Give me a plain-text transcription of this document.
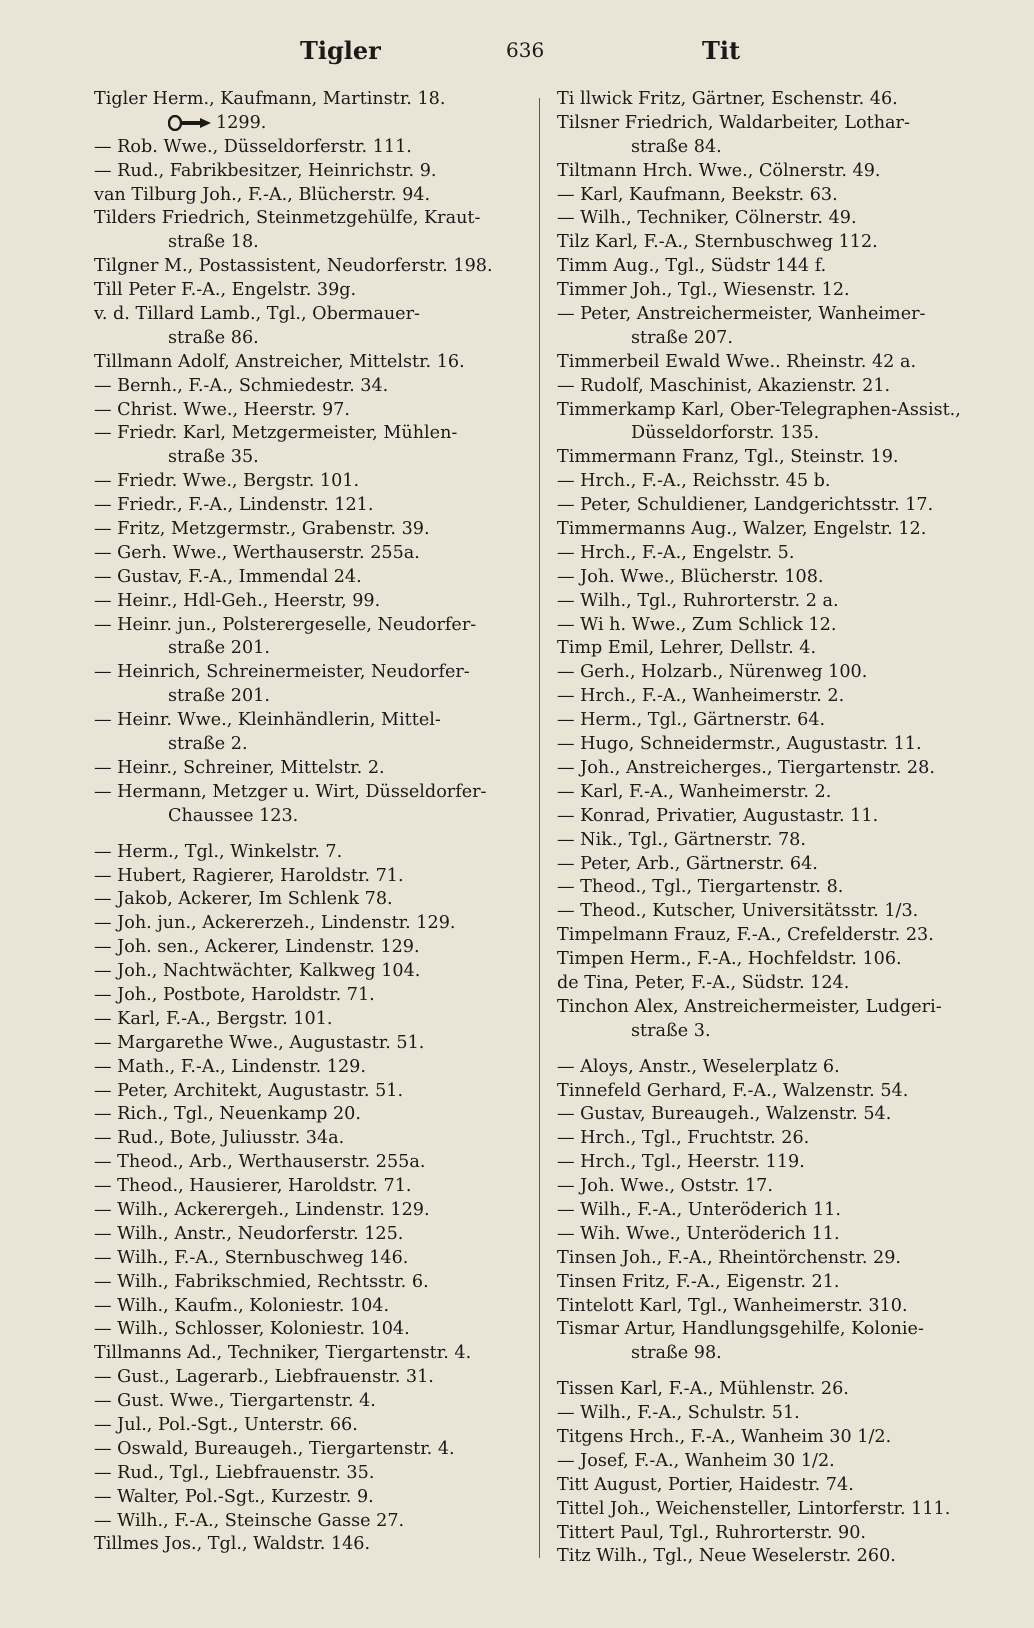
Tigler	636	Tit
Tigler Herm., Kaufmann, Martinstr. 18.
1299.
— Rob. Wwe., Düsseldorferstr. 111.
— Rud., Fabrikbesitzer, Heinrichstr. 9.
van Tilburg Joh., F.-A., Blücherstr. 94.
Tilders Friedrich, Steinmetzgehülfe, Kraut-
straße 18.
Tilgner M., Postassistent, Neudorferstr. 198.
Till Peter F.-A., Engelstr. 39g.
v. d. Tillard Lamb., Tgl., Obermauer-
straße 86.
Tillmann Adolf, Anstreicher, Mittelstr. 16.
— Bernh., F.-A., Schmiedestr. 34.
— Christ. Wwe., Heerstr. 97.
— Friedr. Karl, Metzgermeister, Mühlen-
straße 35.
— Friedr. Wwe., Bergstr. 101.
— Friedr., F.-A., Lindenstr. 121.
— Fritz, Metzgermstr., Grabenstr. 39.
— Gerh. Wwe., Werthauserstr. 255a.
— Gustav, F.-A., Immendal 24.
— Heinr., Hdl-Geh., Heerstr, 99.
— Heinr. jun., Polsterergeselle, Neudorfer-
straße 201.
— Heinrich, Schreinermeister, Neudorfer-
straße 201.
— Heinr. Wwe., Kleinhändlerin, Mittel-
straße 2.
— Heinr., Schreiner, Mittelstr. 2.
— Hermann, Metzger u. Wirt, Düsseldorfer-
Chaussee 123.
— Herm., Tgl., Winkelstr. 7.
— Hubert, Ragierer, Haroldstr. 71.
— Jakob, Ackerer, Im Schlenk 78.
— Joh. jun., Ackererzeh., Lindenstr. 129.
— Joh. sen., Ackerer, Lindenstr. 129.
— Joh., Nachtwächter, Kalkweg 104.
— Joh., Postbote, Haroldstr. 71.
— Karl, F.-A., Bergstr. 101.
— Margarethe Wwe., Augustastr. 51.
— Math., F.-A., Lindenstr. 129.
— Peter, Architekt, Augustastr. 51.
— Rich., Tgl., Neuenkamp 20.
— Rud., Bote, Juliusstr. 34a.
— Theod., Arb., Werthauserstr. 255a.
— Theod., Hausierer, Haroldstr. 71.
— Wilh., Ackerergeh., Lindenstr. 129.
— Wilh., Anstr., Neudorferstr. 125.
— Wilh., F.-A., Sternbuschweg 146.
— Wilh., Fabrikschmied, Rechtsstr. 6.
— Wilh., Kaufm., Koloniestr. 104.
— Wilh., Schlosser, Koloniestr. 104.
Tillmanns Ad., Techniker, Tiergartenstr. 4.
— Gust., Lagerarb., Liebfrauenstr. 31.
— Gust. Wwe., Tiergartenstr. 4.
— Jul., Pol.-Sgt., Unterstr. 66.
— Oswald, Bureaugeh., Tiergartenstr. 4.
— Rud., Tgl., Liebfrauenstr. 35.
— Walter, Pol.-Sgt., Kurzestr. 9.
— Wilh., F.-A., Steinsche Gasse 27.
Tillmes Jos., Tgl., Waldstr. 146.
Ti llwick Fritz, Gärtner, Eschenstr. 46.
Tilsner Friedrich, Waldarbeiter, Lothar-
straße 84.
Tiltmann Hrch. Wwe., Cölnerstr. 49.
— Karl, Kaufmann, Beekstr. 63.
— Wilh., Techniker, Cölnerstr. 49.
Tilz Karl, F.-A., Sternbuschweg 112.
Timm Aug., Tgl., Südstr 144 f.
Timmer Joh., Tgl., Wiesenstr. 12.
— Peter, Anstreichermeister, Wanheimer-
straße 207.
Timmerbeil Ewald Wwe.. Rheinstr. 42 a.
— Rudolf, Maschinist, Akazienstr. 21.
Timmerkamp Karl, Ober-Telegraphen-Assist.,
Düsseldorforstr. 135.
Timmermann Franz, Tgl., Steinstr. 19.
— Hrch., F.-A., Reichsstr. 45 b.
— Peter, Schuldiener, Landgerichtsstr. 17.
Timmermanns Aug., Walzer, Engelstr. 12.
— Hrch., F.-A., Engelstr. 5.
— Joh. Wwe., Blücherstr. 108.
— Wilh., Tgl., Ruhrorterstr. 2 a.
— Wi h. Wwe., Zum Schlick 12.
Timp Emil, Lehrer, Dellstr. 4.
— Gerh., Holzarb., Nürenweg 100.
— Hrch., F.-A., Wanheimerstr. 2.
— Herm., Tgl., Gärtnerstr. 64.
— Hugo, Schneidermstr., Augustastr. 11.
— Joh., Anstreicherges., Tiergartenstr. 28.
— Karl, F.-A., Wanheimerstr. 2.
— Konrad, Privatier, Augustastr. 11.
— Nik., Tgl., Gärtnerstr. 78.
— Peter, Arb., Gärtnerstr. 64.
— Theod., Tgl., Tiergartenstr. 8.
— Theod., Kutscher, Universitätsstr. 1/3.
Timpelmann Frauz, F.-A., Crefelderstr. 23.
Timpen Herm., F.-A., Hochfeldstr. 106.
de Tina, Peter, F.-A., Südstr. 124.
Tinchon Alex, Anstreichermeister, Ludgeri-
straße 3.
— Aloys, Anstr., Weselerplatz 6.
Tinnefeld Gerhard, F.-A., Walzenstr. 54.
— Gustav, Bureaugeh., Walzenstr. 54.
— Hrch., Tgl., Fruchtstr. 26.
— Hrch., Tgl., Heerstr. 119.
— Joh. Wwe., Oststr. 17.
— Wilh., F.-A., Unteröderich 11.
— Wih. Wwe., Unteröderich 11.
Tinsen Joh., F.-A., Rheintörchenstr. 29.
Tinsen Fritz, F.-A., Eigenstr. 21.
Tintelott Karl, Tgl., Wanheimerstr. 310.
Tismar Artur, Handlungsgehilfe, Kolonie-
straße 98.
Tissen Karl, F.-A., Mühlenstr. 26.
— Wilh., F.-A., Schulstr. 51.
Titgens Hrch., F.-A., Wanheim 30 1/2.
— Josef, F.-A., Wanheim 30 1/2.
Titt August, Portier, Haidestr. 74.
Tittel Joh., Weichensteller, Lintorferstr. 111.
Tittert Paul, Tgl., Ruhrorterstr. 90.
Titz Wilh., Tgl., Neue Weselerstr. 260.
